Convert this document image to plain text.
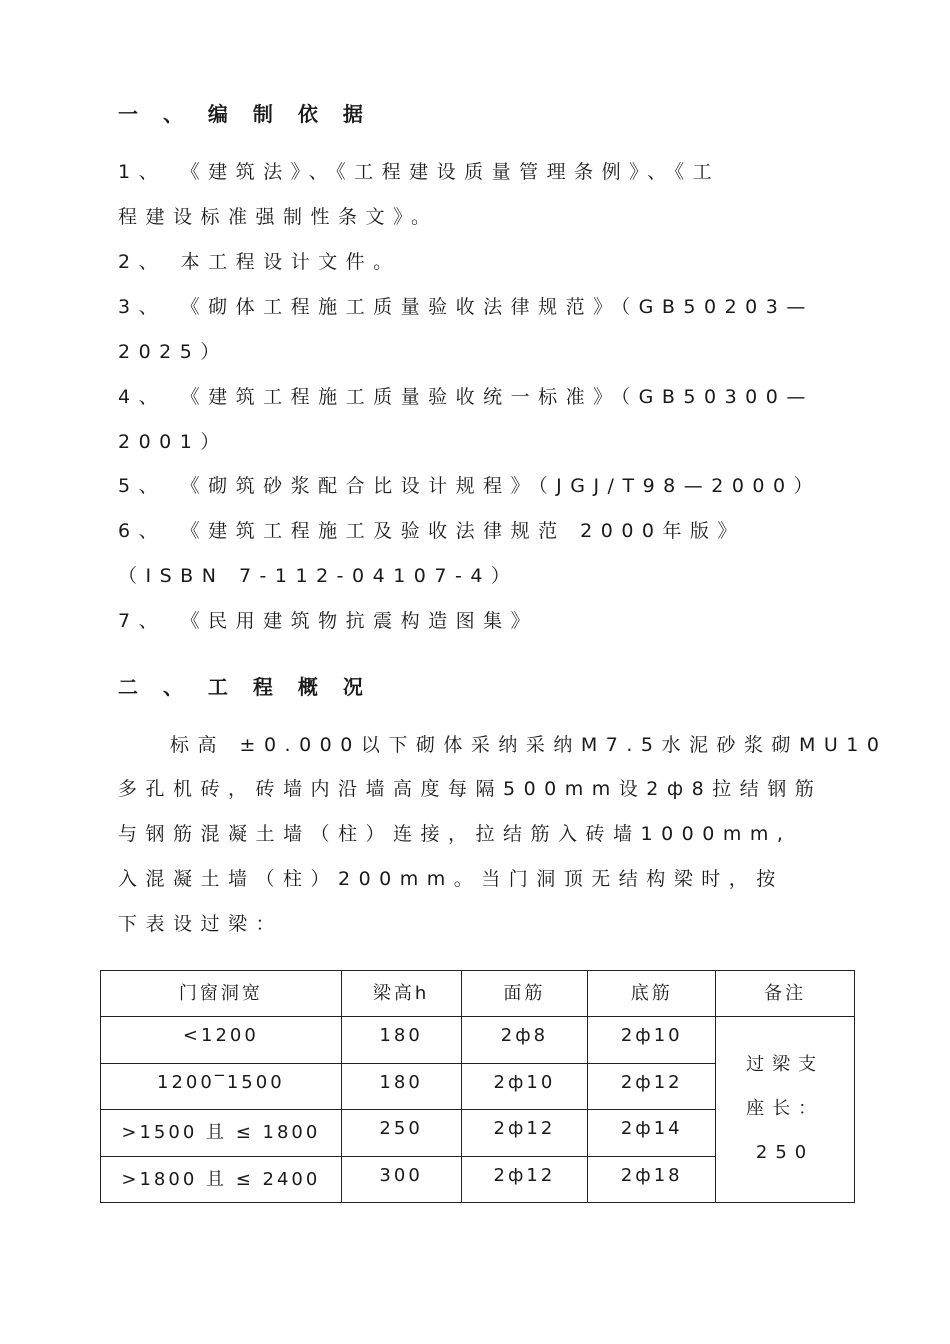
一 、 编 制 依 据
1、 《建筑法》、《工程建设质量管理条例》、《工
程建设标准强制性条文》。
2、 本工程设计文件。
3、 《砌体工程施工质量验收法律规范》（GB50203—
2025）
4、 《建筑工程施工质量验收统一标准》（GB50300—
2001）
5、 《砌筑砂浆配合比设计规程》（JGJ/T98—2000）
6、 《建筑工程施工及验收法律规范 2000年版》
（ISBN 7-112-04107-4）
7、 《民用建筑物抗震构造图集》
二 、 工 程 概 况
标高 ±0.000以下砌体采纳采纳M7.5水泥砂浆砌MU10
多孔机砖，砖墙内沿墙高度每隔500mm设2ф8拉结钢筋
与钢筋混凝土墙（柱）连接，拉结筋入砖墙1000mm,
入混凝土墙（柱）200mm。当门洞顶无结构梁时，按
下表设过梁：
门窗洞宽	梁高h	面筋	底筋	备注
<1200	180	2ф8	2ф10	过梁支
座长：
250

1200‾1500	180	2ф10	2ф12	
>1500 且 ≤ 1800	250	2ф12	2ф14	
>1800 且 ≤ 2400	300	2ф12	2ф18	
